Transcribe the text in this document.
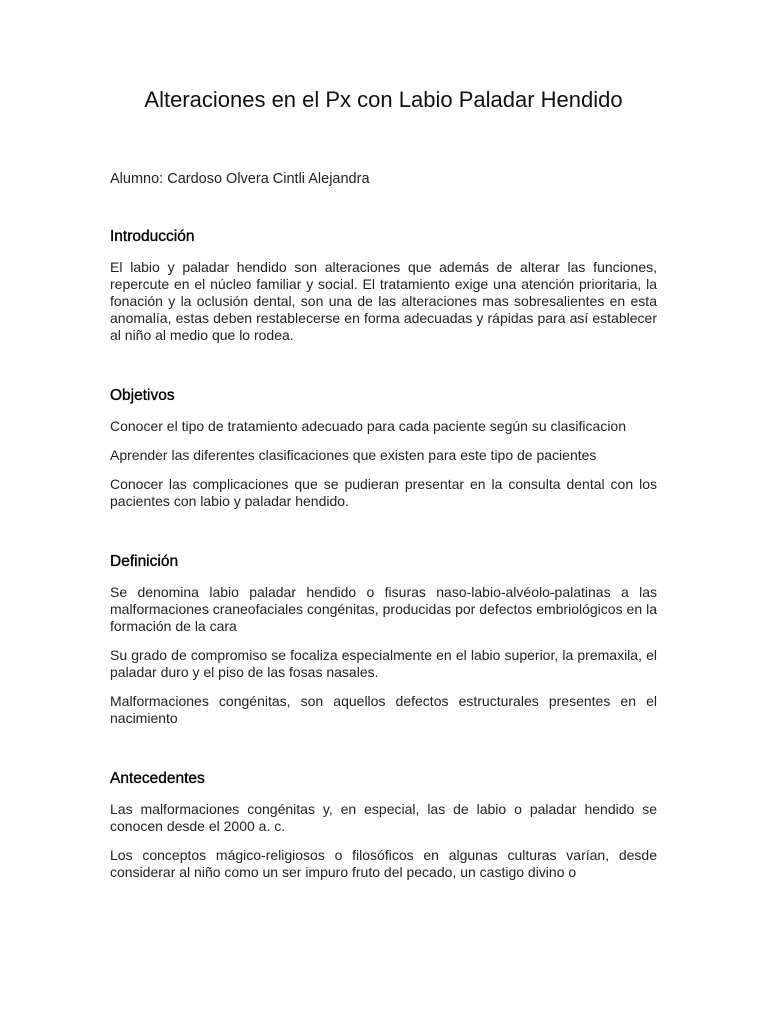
Alteraciones en el Px con Labio Paladar Hendido
Alumno: Cardoso Olvera Cintli Alejandra
Introducción

El labio y paladar hendido son alteraciones que además de alterar las funciones, repercute en el núcleo familiar y social. El tratamiento exige una atención prioritaria, la fonación y la oclusión dental, son una de las alteraciones mas sobresalientes en esta anomalía, estas deben restablecerse en forma adecuadas y rápidas para así establecer al niño al medio que lo rodea.

Objetivos

Conocer el tipo de tratamiento adecuado para cada paciente según su clasificacion

Aprender las diferentes clasificaciones que existen para este tipo de pacientes

Conocer las complicaciones que se pudieran presentar en la consulta dental con los pacientes con labio y paladar hendido.

Definición

Se denomina labio paladar hendido o fisuras naso-labio-alvéolo-palatinas a las malformaciones craneofaciales congénitas, producidas por defectos embriológicos en la formación de la cara

Su grado de compromiso se focaliza especialmente en el labio superior, la premaxila, el paladar duro y el piso de las fosas nasales.

Malformaciones congénitas, son aquellos defectos estructurales presentes en el nacimiento

Antecedentes

Las malformaciones congénitas y, en especial, las de labio o paladar hendido se conocen desde el 2000 a. c.

Los conceptos mágico-religiosos o filosóficos en algunas culturas varían, desde considerar al niño como un ser impuro fruto del pecado, un castigo divino o
